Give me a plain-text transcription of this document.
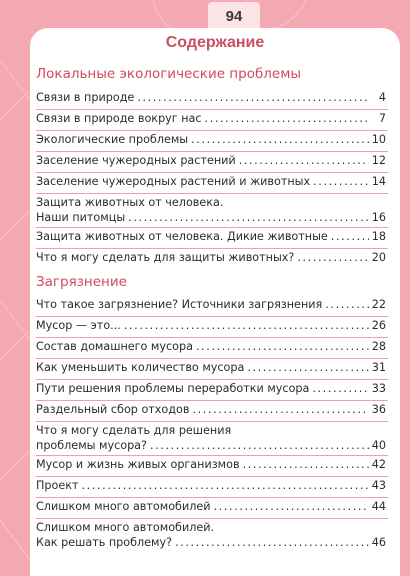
94
Содержание
Локальные экологические проблемы
Связи в природе .....	4
Связи в природе вокруг нас .....	7
Экологические проблемы .....	10
Заселение чужеродных растений .....	12
Заселение чужеродных растений и животных .....	14
Защита животных от человека.
Наши питомцы .....	16
Защита животных от человека. Дикие животные .....	18
Что я могу сделать для защиты животных? .....	20
Загрязнение
Что такое загрязнение? Источники загрязнения .....	22
Мусор — это... .....	26
Состав домашнего мусора .....	28
Как уменьшить количество мусора .....	31
Пути решения проблемы переработки мусора .....	33
Раздельный сбор отходов .....	36
Что я могу сделать для решения
проблемы мусора? .....	40
Мусор и жизнь живых организмов .....	42
Проект .....	43
Слишком много автомобилей .....	44
Слишком много автомобилей.
Как решать проблему? .....	46
